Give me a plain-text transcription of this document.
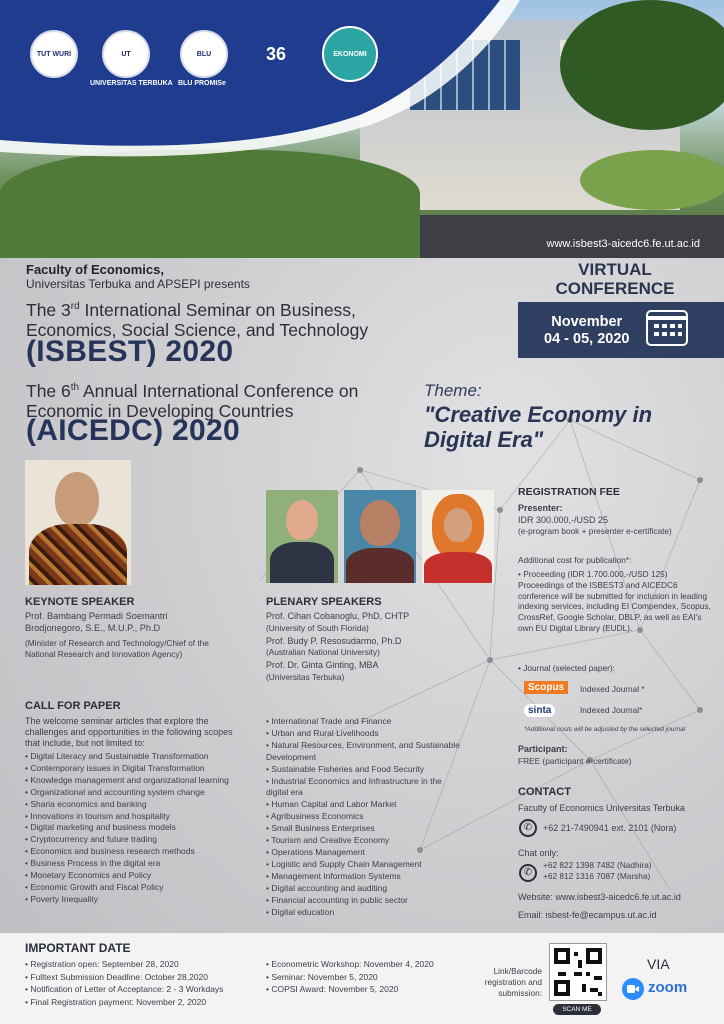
TUT WURI	UT
UNIVERSITAS TERBUKA
BLU
BLU PROMISe
36	EKONOMI
www.isbest3-aicedc6.fe.ut.ac.id
Faculty of Economics,
Universitas Terbuka and APSEPI presents
The 3rd International Seminar on Business, Economics, Social Science, and Technology
(ISBEST) 2020
The 6th Annual International Conference on Economic in Developing Countries
(AICEDC) 2020
VIRTUAL
CONFERENCE
November
04 - 05, 2020
Theme:
"Creative Economy in Digital Era"
KEYNOTE SPEAKER
Prof. Bambang Permadi Soemantri Brodjonegoro, S.E., M.U.P., Ph.D
(Minister of Research and Technology/Chief of the National Research and Innovation Agency)
PLENARY SPEAKERS
Prof. Cihan Cobanoglu, PhD, CHTP
(University of South Florida)
Prof. Budy P. Resosudarmo, Ph.D
(Australian National University)
Prof. Dr. Ginta Ginting, MBA
(Universitas Terbuka)
REGISTRATION FEE
Presenter:
IDR 300.000,-/USD 25
(e-program book + presenter e-certificate)
Additional cost for publication*:
• Proceeding (IDR 1.700.000,-/USD 125) Proceedings of the ISBEST3 and AICEDC6 conference will be submitted for inclusion in leading indexing services, including EI Compendex, Scopus, CrossRef, Google Scholar, DBLP, as well as EAI's own EU Digital Library (EUDL).
• Journal (selected paper):
Scopus	Indexed Journal *
sinta	Indexed Journal*
*Additional costs will be adjusted by the selected journal
Participant:
FREE (participant e-certificate)
CONTACT
Faculty of Economics Universitas Terbuka
✆	+62 21-7490941 ext. 2101 (Nora)
Chat only:
✆
+62 822 1398 7482 (Nadhira)
+62 812 1316 7087 (Marsha)
Website: www.isbest3-aicedc6.fe.ut.ac.id
Email: isbest-fe@ecampus.ut.ac.id
CALL FOR PAPER
The welcome seminar articles that explore the challenges and opportunities in the following scopes that include, but not limited to:
• Digital Literacy and Sustainable Transformation
• Contemporary issues in Digital Transformation
• Knowledge management and organizational learning
• Organizational and accounting system change
• Sharia economics and banking
• Innovations in tourism and hospitality
• Digital marketing and business models
• Cryptocurrency and future trading
• Economics and business research methods
• Business Process in the digital era
• Monetary Economics and Policy
• Economic Growth and Fiscal Policy
• Poverty Inequality
• International Trade and Finance
• Urban and Rural Livelihoods
• Natural Resources, Environment, and Sustainable Development
• Sustainable Fisheries and Food Security
• Industrial Economics and Infrastructure in the digital era
• Human Capital and Labor Market
• Agribusiness Economics
• Small Business Enterprises
• Tourism and Creative Economy
• Operations Management
• Logistic and Supply Chain Management
• Management Information Systems
• Digital accounting and auditing
• Financial accounting in public sector
• Digital education
IMPORTANT DATE
• Registration open: September 28, 2020
• Fulltext Submission Deadline: October 28,2020
• Notification of Letter of Acceptance: 2 - 3 Workdays
• Final Registration payment: November 2, 2020
• Econometric Workshop: November 4, 2020
• Seminar: November 5, 2020
• COPSI Award: November 5, 2020
Link/Barcode registration and submission:
SCAN ME
VIA
zoom
